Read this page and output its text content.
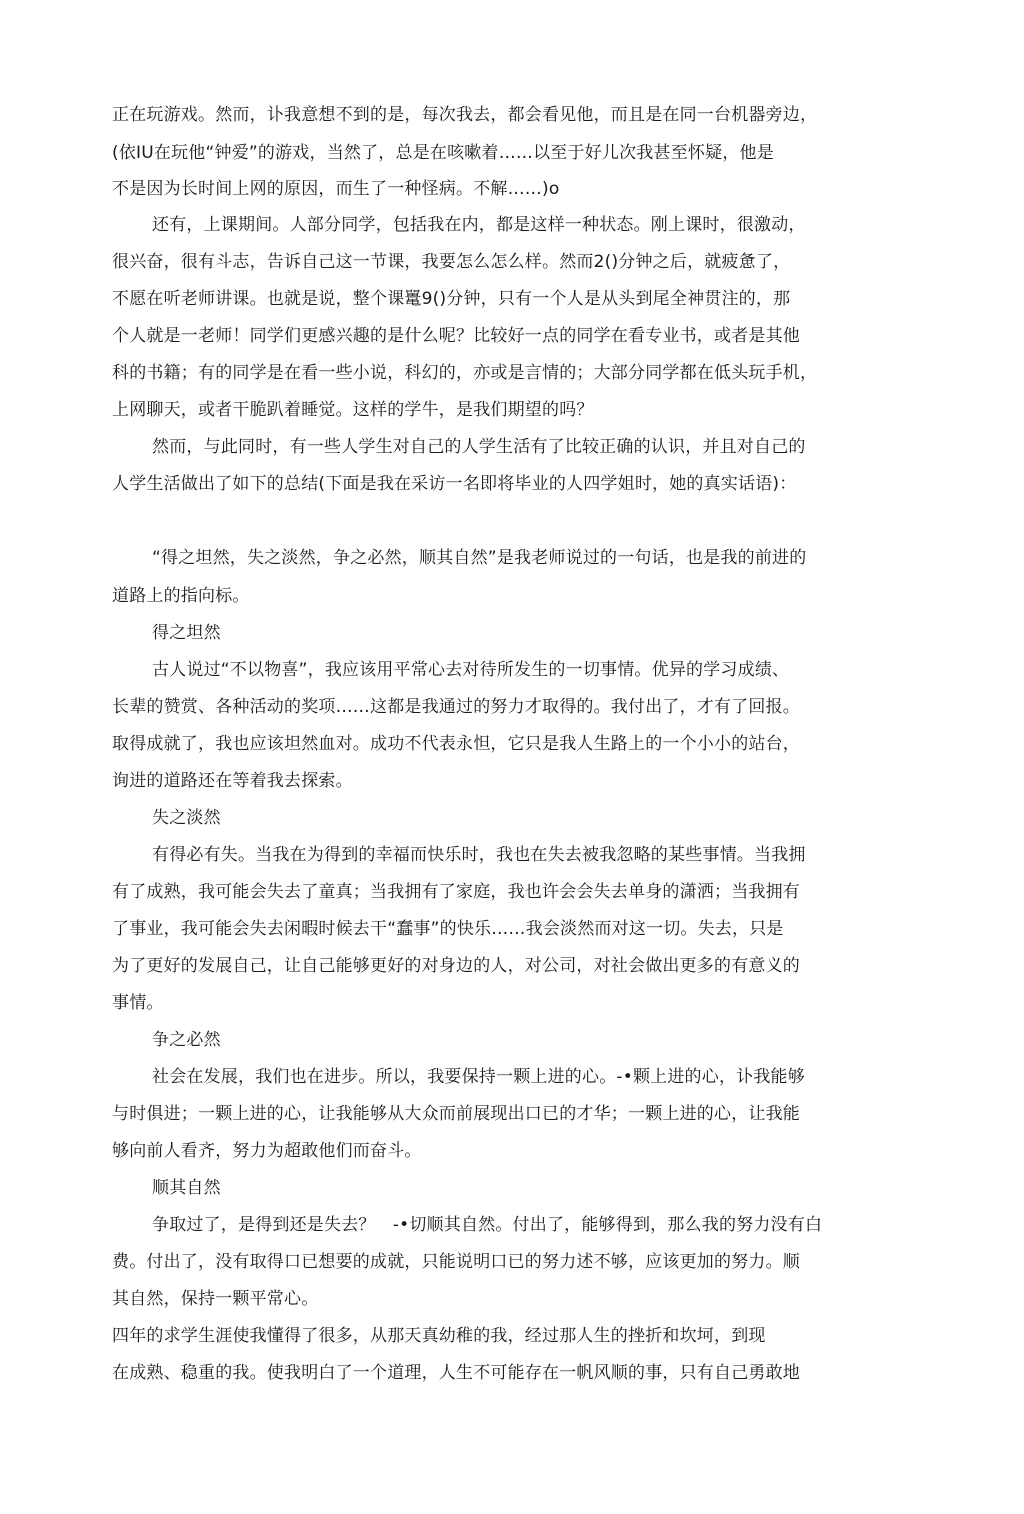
正在玩游戏。然而，讣我意想不到的是，每次我去，都会看见他，而且是在同一台机器旁边，
(依IU在玩他“钟爱”的游戏，当然了，总是在咳嗽着……以至于好儿次我甚至怀疑，他是
不是因为长时间上网的原因，而生了一种怪病。不解……)o
还有，上课期间。人部分同学，包括我在内，都是这样一种状态。刚上课时，很激动，
很兴奋，很有斗志，告诉自己这一节课，我要怎么怎么样。然而2()分钟之后，就疲惫了，
不愿在听老师讲课。也就是说，整个课鼍9()分钟，只有一个人是从头到尾全神贯注的，那
个人就是一老师！同学们更感兴趣的是什么呢？比较好一点的同学在看专业书，或者是其他
科的书籍；有的同学是在看一些小说，科幻的，亦或是言情的；大部分同学都在低头玩手机，
上网聊天，或者干脆趴着睡觉。这样的学牛，是我们期望的吗？
然而，与此同时，有一些人学生对自己的人学生活有了比较正确的认识，并且对自己的
人学生活做出了如下的总结(下面是我在采访一名即将毕业的人四学姐时，她的真实话语)：
“得之坦然，失之淡然，争之必然，顺其自然”是我老师说过的一句话，也是我的前进的
道路上的指向标。
得之坦然
古人说过“不以物喜”，我应该用平常心去对待所发生的一切事情。优异的学习成绩、
长辈的赞赏、各种活动的奖项……这都是我通过的努力才取得的。我付出了，才有了回报。
取得成就了，我也应该坦然血对。成功不代表永怛，它只是我人生路上的一个小小的站台，
询进的道路还在等着我去探索。
失之淡然
有得必有失。当我在为得到的幸福而快乐时，我也在失去被我忽略的某些事情。当我拥
有了成熟，我可能会失去了童真；当我拥有了家庭，我也许会会失去单身的潇洒；当我拥有
了事业，我可能会失去闲暇时候去干“蠢事”的快乐……我会淡然而对这一切。失去，只是
为了更好的发展自己，让自己能够更好的对身边的人，对公司，对社会做出更多的有意义的
事情。
争之必然
社会在发展，我们也在进步。所以，我要保持一颗上进的心。-•颗上进的心，讣我能够
与时俱进；一颗上进的心，让我能够从大众而前展现出口已的才华；一颗上进的心，让我能
够向前人看齐，努力为超敢他们而奋斗。
顺其自然
争取过了，是得到还是失去？　-•切顺其自然。付出了，能够得到，那么我的努力没有白
费。付出了，没有取得口已想要的成就，只能说明口已的努力述不够，应该更加的努力。顺
其自然，保持一颗平常心。
四年的求学生涯使我懂得了很多，从那天真幼稚的我，经过那人生的挫折和坎坷，到现
在成熟、稳重的我。使我明白了一个道理，人生不可能存在一帆风顺的事，只有自己勇敢地
